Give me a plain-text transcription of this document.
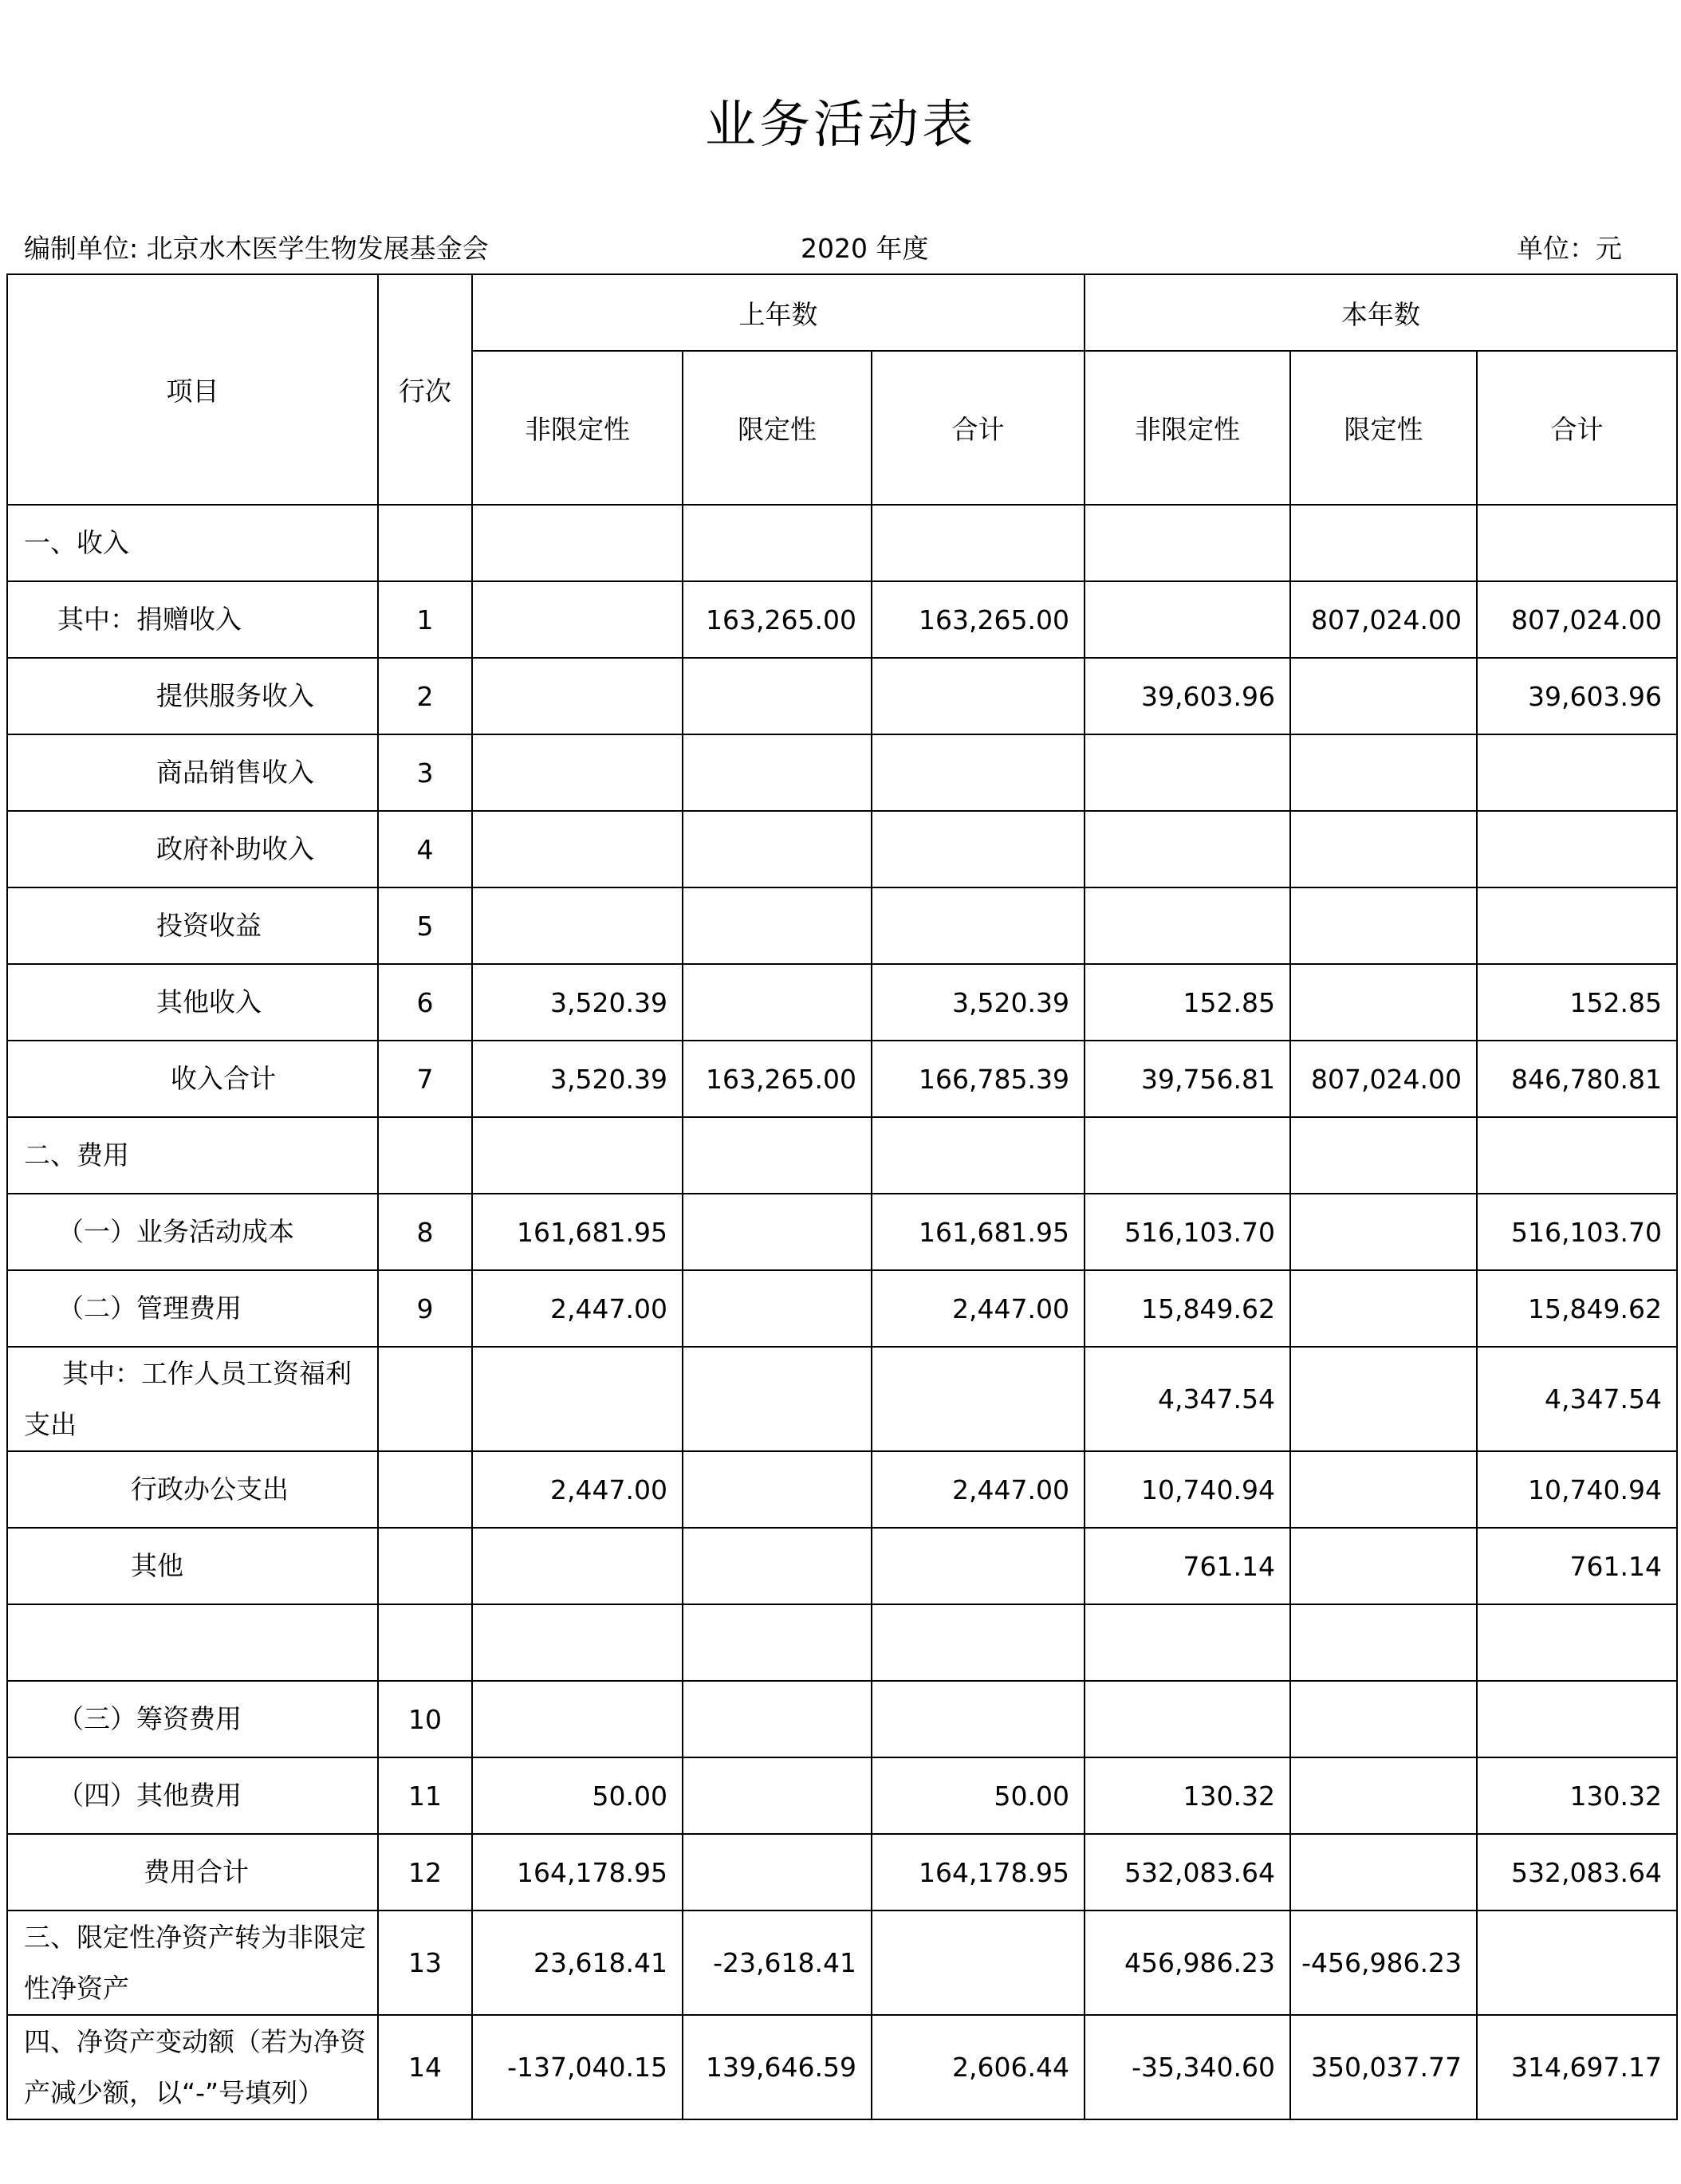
业务活动表
编制单位: 北京水木医学生物发展基金会	2020 年度	单位：元
项目	行次	上年数			本年数		
		非限定性	限定性	合计	非限定性	限定性	合计
一、收入							
其中：捐赠收入	1		163,265.00	163,265.00		807,024.00	807,024.00
提供服务收入	2				39,603.96		39,603.96
商品销售收入	3						
政府补助收入	4						
投资收益	5						
其他收入	6	3,520.39		3,520.39	152.85		152.85
收入合计	7	3,520.39	163,265.00	166,785.39	39,756.81	807,024.00	846,780.81
二、费用							
（一）业务活动成本	8	161,681.95		161,681.95	516,103.70		516,103.70
（二）管理费用	9	2,447.00		2,447.00	15,849.62		15,849.62
其中：工作人员工资福利支出					4,347.54		4,347.54
行政办公支出		2,447.00		2,447.00	10,740.94		10,740.94
其他					761.14		761.14

（三）筹资费用	10						
（四）其他费用	11	50.00		50.00	130.32		130.32
费用合计	12	164,178.95		164,178.95	532,083.64		532,083.64
三、限定性净资产转为非限定性净资产	13	23,618.41	-23,618.41		456,986.23	-456,986.23	
四、净资产变动额（若为净资产减少额，以“-”号填列）	14	-137,040.15	139,646.59	2,606.44	-35,340.60	350,037.77	314,697.17
